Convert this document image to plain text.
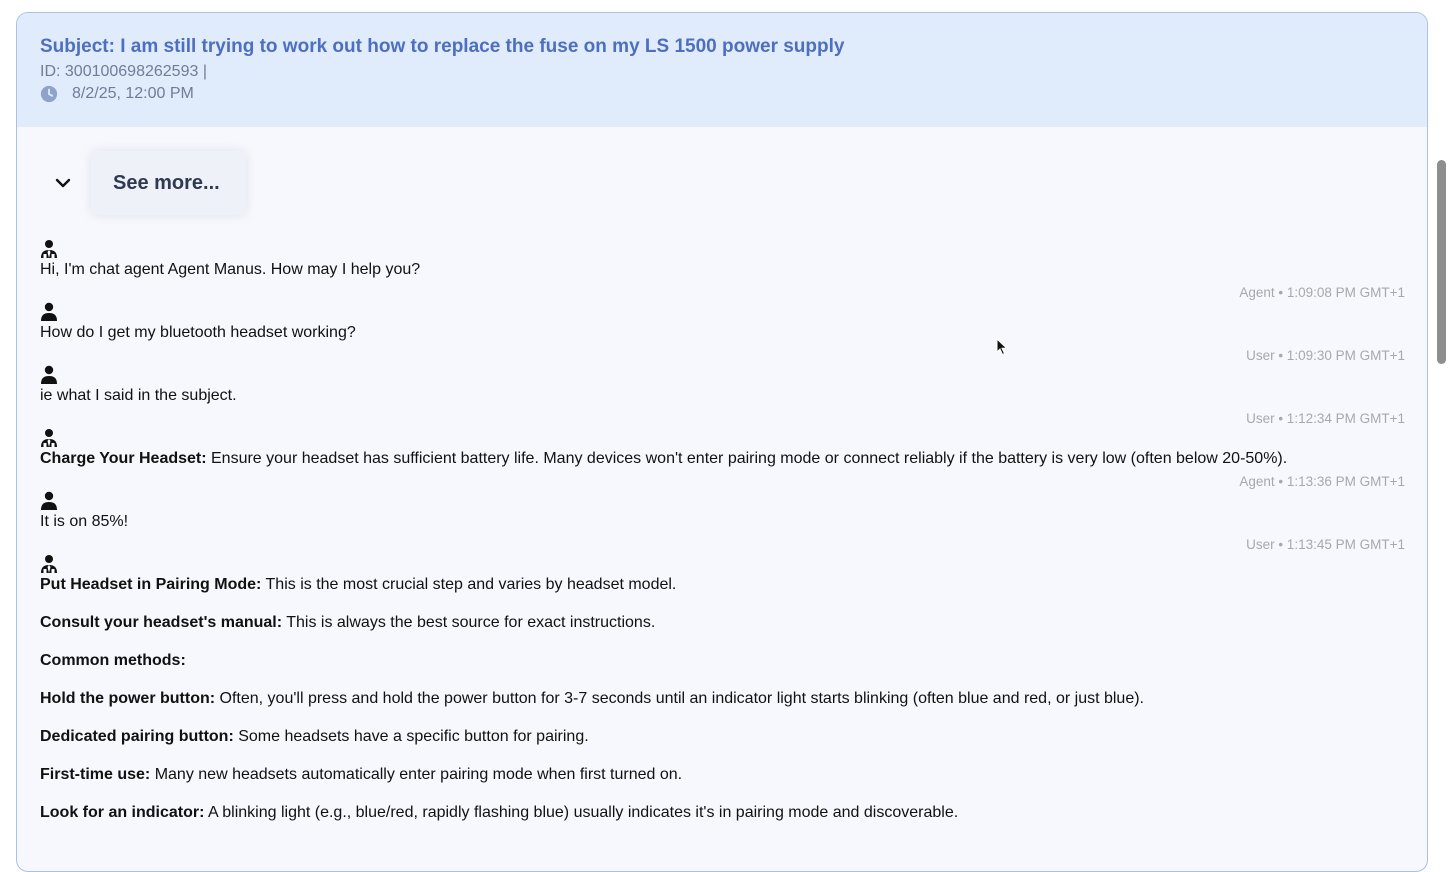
Subject: I am still trying to work out how to replace the fuse on my LS 1500 power supply
ID: 300100698262593 |
8/2/25, 12:00 PM
See more...
Hi, I'm chat agent Agent Manus. How may I help you?
Agent • 1:09:08 PM GMT+1
How do I get my bluetooth headset working?
User • 1:09:30 PM GMT+1
ie what I said in the subject.
User • 1:12:34 PM GMT+1
Charge Your Headset: Ensure your headset has sufficient battery life. Many devices won't enter pairing mode or connect reliably if the battery is very low (often below 20-50%).
Agent • 1:13:36 PM GMT+1
It is on 85%!
User • 1:13:45 PM GMT+1

Put Headset in Pairing Mode: This is the most crucial step and varies by headset model.

Consult your headset's manual: This is always the best source for exact instructions.

Common methods:

Hold the power button: Often, you'll press and hold the power button for 3-7 seconds until an indicator light starts blinking (often blue and red, or just blue).

Dedicated pairing button: Some headsets have a specific button for pairing.

First-time use: Many new headsets automatically enter pairing mode when first turned on.

Look for an indicator: A blinking light (e.g., blue/red, rapidly flashing blue) usually indicates it's in pairing mode and discoverable.
